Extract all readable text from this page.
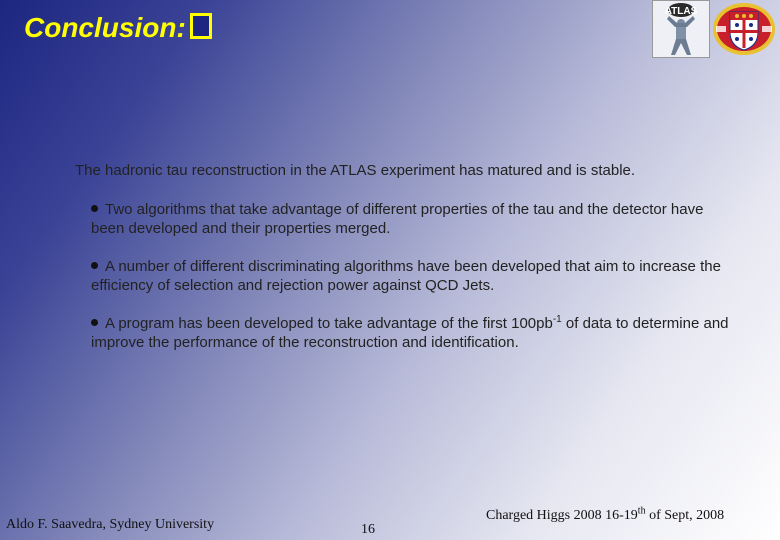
Conclusion:
ATLAS

The hadronic tau reconstruction in the ATLAS experiment has matured and is stable.

Two algorithms that take advantage of different properties of the tau and the detector have been developed and their properties merged.
A number of different discriminating algorithms have been developed that aim to increase the efficiency of selection and rejection power against QCD Jets.
A program has been developed to take advantage of the first $100pb^{-1}$ of data to determine and improve the performance of the reconstruction and identification.
Aldo F. Saavedra, Sydney University	16
Charged Higgs 2008 16-19th of Sept, 2008
